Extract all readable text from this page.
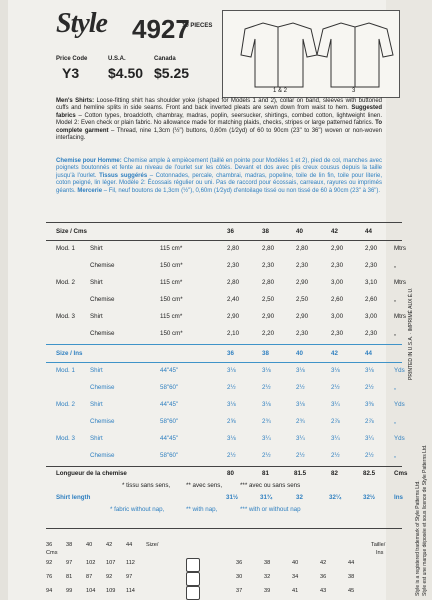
Style 4927
10 PIECES
Price Code
Y3
U.S.A.
$4.50
Canada
$5.25
1 & 2	3
Men's Shirts: Loose-fitting shirt has shoulder yoke (shaped for Models 1 and 2), collar on band, sleeves with buttoned cuffs and hemline splits in side seams. Front and back inverted pleats are sewn down from waist to hem. Suggested fabrics – Cotton types, broadcloth, chambray, madras, poplin, seersucker, shirtings, combed cotton, lightweight linen. Model 2: Even check or plain fabric. No allowance made for matching plaids, checks, stripes or large patterned fabrics. To complete garment – Thread, nine 1,3cm (½") buttons, 0,60m (1⁄2yd) of 60 to 90cm (23" to 36") woven or non-woven interfacing.
Chemise pour Homme: Chemise ample à empiècement (taillé en pointe pour Modèles 1 et 2), pied de col, manches avec poignets boutonnés et fente au niveau de l'ourlet sur les côtés. Devant et dos avec plis creux cousus depuis la taille jusqu'à l'ourlet. Tissus suggérés – Cotonnades, percale, chambrai, madras, popeline, toile de lin fin, toile pour literie, coton peigné, lin léger. Modèle 2: Écossais régulier ou uni. Pas de raccord pour écossais, carreaux, rayures ou imprimés géants. Mercerie – Fil, neuf boutons de 1,3cm (½"), 0,60m (1⁄2yd) d'entoilage tissé ou non tissé de 60 à 90cm (23" à 36").
Size / Cms	36	38	40	42	44
Mod. 1 Shirt	115 cm*	2,80	2,80	2,80	2,90	2,90	Mtrs
Chemise	150 cm*	2,30	2,30	2,30	2,30	2,30	„
Mod. 2 Shirt	115 cm*	2,80	2,80	2,90	3,00	3,10	Mtrs
Chemise	150 cm*	2,40	2,50	2,50	2,60	2,60	„
Mod. 3 Shirt	115 cm*	2,90	2,90	2,90	3,00	3,00	Mtrs
Chemise	150 cm*	2,10	2,20	2,30	2,30	2,30	„
Size / Ins	36	38	40	42	44
Mod. 1 Shirt	44"45"	3⅛	3⅛	3⅛	3⅛	3⅛	Yds
Chemise	58"60"	2½	2½	2½	2½	2½	„
Mod. 2 Shirt	44"45"	3⅛	3⅛	3⅛	3¼	3⅜	Yds
Chemise	58"60"	2⅝	2¾	2¾	2⅞	2⅞	„
Mod. 3 Shirt	44"45"	3⅛	3¼	3¼	3¼	3¼	Yds
Chemise	58"60"	2½	2½	2½	2½	2½	„
Longueur de la chemise	80	81	81.5	82	82.5	Cms
* tissu sans sens,	** avec sens,	*** avec ou sans sens
Shirt length	31½	31¾	32	32¼	32½	Ins
* fabric without nap,	** with nap,	*** with or without nap
36 38 40 42 44 Size/	Taille/
Cms	Ins
92 97 102 107 112	36	38	40	42	44
76 81 87 92 97	30	32	34	36	38
94 99 104 109 114	37	39	41	43	45
PRINTED IN U.S.A. · IMPRIMÉ AUX É.U.
Style is a registered trademark of Style Patterns Ltd. Style est une marque déposée et sous licence de Style Patterns Ltd.
